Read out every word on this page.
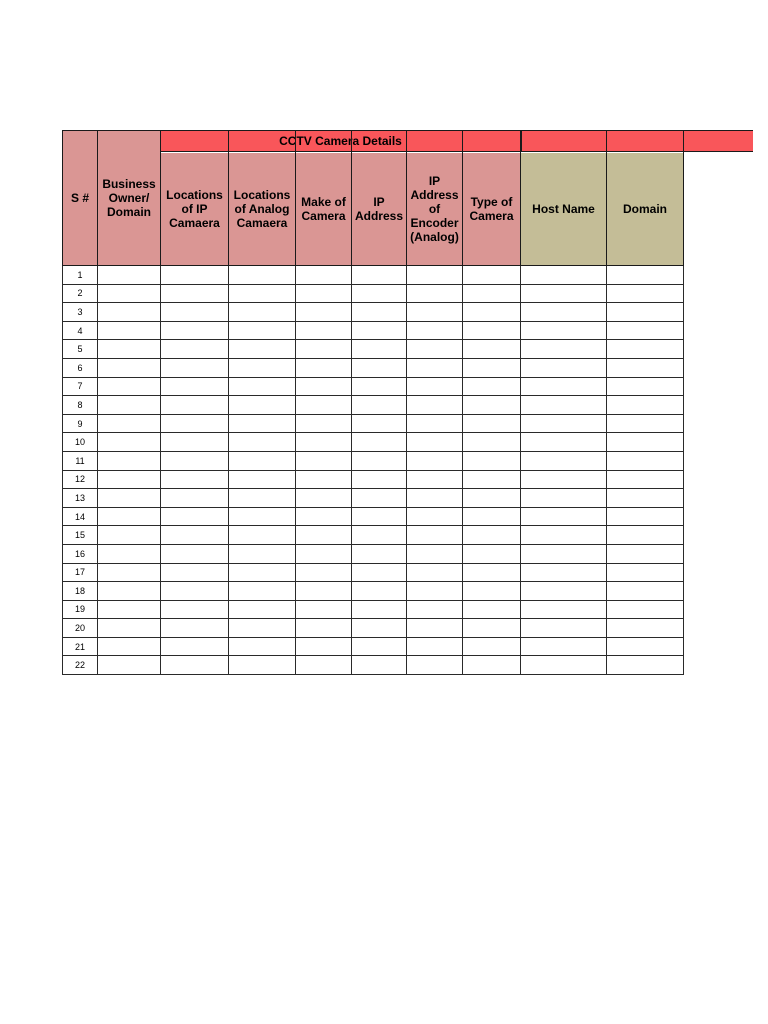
S #	Business Owner/ Domain	Locations of IP Camaera	Locations of Analog Camaera	Make of Camera	IP Address	IP Address of Encoder (Analog)	Type of Camera	Host Name	Domain
1									
2									
3									
4									
5									
6									
7									
8									
9									
10									
11									
12									
13									
14									
15									
16									
17									
18									
19									
20									
21									
22									
